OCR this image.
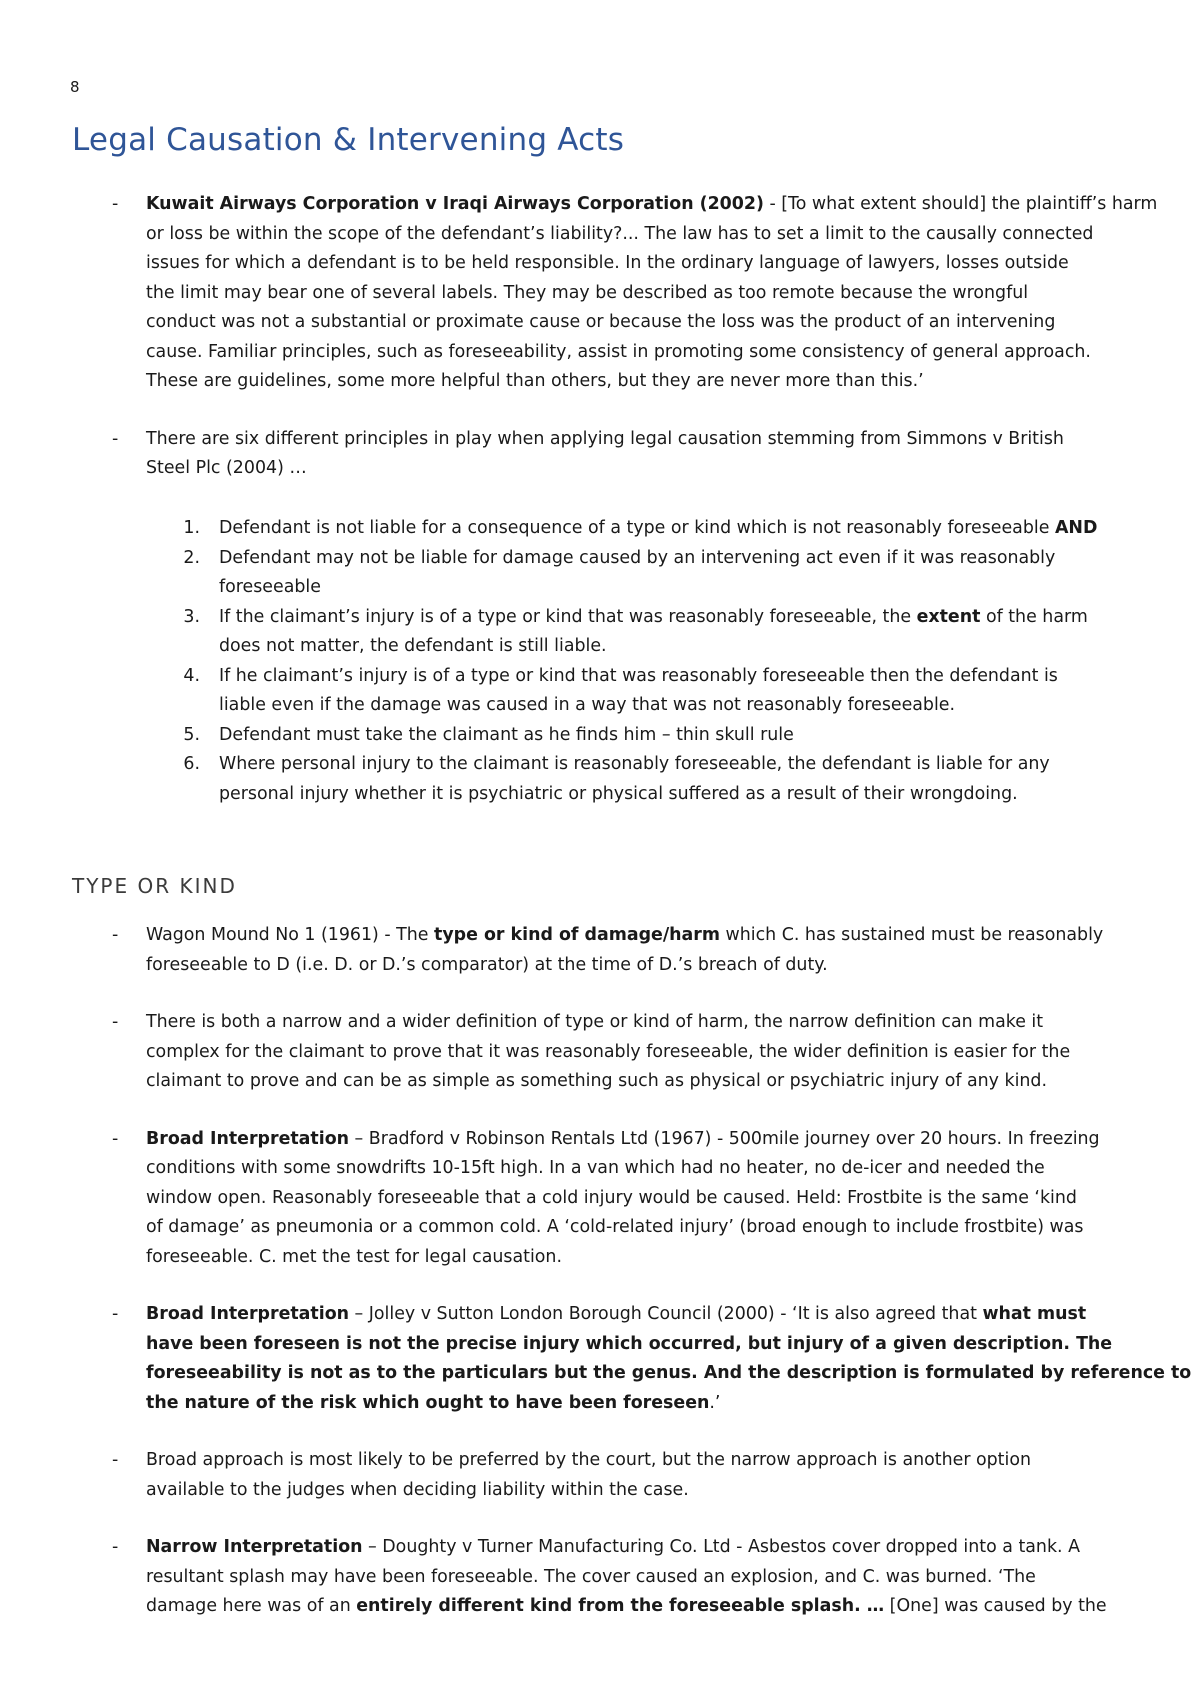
8
Legal Causation & Intervening Acts
- Kuwait Airways Corporation v Iraqi Airways Corporation (2002) - [To what extent should] the plaintiff’s harm
or loss be within the scope of the defendant’s liability?... The law has to set a limit to the causally connected
issues for which a defendant is to be held responsible. In the ordinary language of lawyers, losses outside
the limit may bear one of several labels. They may be described as too remote because the wrongful
conduct was not a substantial or proximate cause or because the loss was the product of an intervening
cause. Familiar principles, such as foreseeability, assist in promoting some consistency of general approach.
These are guidelines, some more helpful than others, but they are never more than this.’
- There are six different principles in play when applying legal causation stemming from Simmons v British
Steel Plc (2004) …
1. Defendant is not liable for a consequence of a type or kind which is not reasonably foreseeable AND
2. Defendant may not be liable for damage caused by an intervening act even if it was reasonably
foreseeable
3. If the claimant’s injury is of a type or kind that was reasonably foreseeable, the extent of the harm
does not matter, the defendant is still liable.
4. If he claimant’s injury is of a type or kind that was reasonably foreseeable then the defendant is
liable even if the damage was caused in a way that was not reasonably foreseeable.
5. Defendant must take the claimant as he finds him – thin skull rule
6. Where personal injury to the claimant is reasonably foreseeable, the defendant is liable for any
personal injury whether it is psychiatric or physical suffered as a result of their wrongdoing.
TYPE OR KIND
- Wagon Mound No 1 (1961) - The type or kind of damage/harm which C. has sustained must be reasonably
foreseeable to D (i.e. D. or D.’s comparator) at the time of D.’s breach of duty.
- There is both a narrow and a wider definition of type or kind of harm, the narrow definition can make it
complex for the claimant to prove that it was reasonably foreseeable, the wider definition is easier for the
claimant to prove and can be as simple as something such as physical or psychiatric injury of any kind.
- Broad Interpretation – Bradford v Robinson Rentals Ltd (1967) - 500mile journey over 20 hours. In freezing
conditions with some snowdrifts 10-15ft high. In a van which had no heater, no de-icer and needed the
window open. Reasonably foreseeable that a cold injury would be caused. Held: Frostbite is the same ‘kind
of damage’ as pneumonia or a common cold. A ‘cold-related injury’ (broad enough to include frostbite) was
foreseeable. C. met the test for legal causation.
- Broad Interpretation – Jolley v Sutton London Borough Council (2000) - ‘It is also agreed that what must
have been foreseen is not the precise injury which occurred, but injury of a given description. The
foreseeability is not as to the particulars but the genus. And the description is formulated by reference to
the nature of the risk which ought to have been foreseen.’
- Broad approach is most likely to be preferred by the court, but the narrow approach is another option
available to the judges when deciding liability within the case.
- Narrow Interpretation – Doughty v Turner Manufacturing Co. Ltd - Asbestos cover dropped into a tank. A
resultant splash may have been foreseeable. The cover caused an explosion, and C. was burned. ‘The
damage here was of an entirely different kind from the foreseeable splash. … [One] was caused by the
